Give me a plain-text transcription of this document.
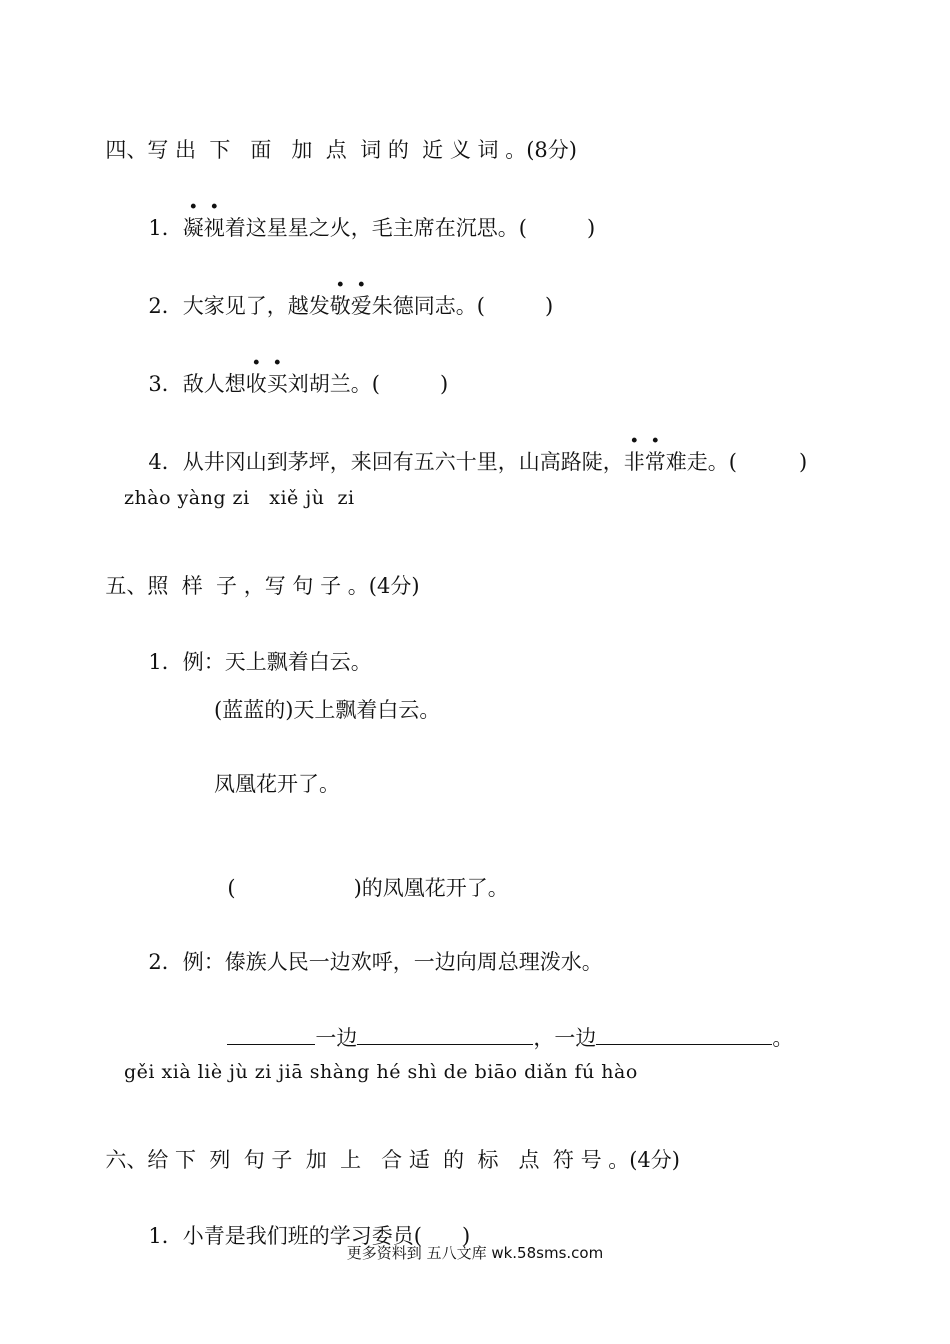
四、写 出  下   面   加  点  词 的  近 义 词 。(8分)

1．凝视着这星星之火，毛主席在沉思。(	)

2．大家见了，越发敬爱朱德同志。(	)

3．敌人想收买刘胡兰。(	)

4．从井冈山到茅坪，来回有五六十里，山高路陡，非常难走。(	)

zhào yàng zi   xiě jù  zi

五、照  样  子 ，写 句 子 。(4分)

1．例：天上飘着白云。

(蓝蓝的)天上飘着白云。
凤凰花开了。

(	)的凤凰花开了。

2．例：傣族人民一边欢呼，一边向周总理泼水。

一边	，一边	。

gěi xià liè jù zi jiā shàng hé shì de biāo diǎn fú hào

六、给 下  列  句 子  加  上   合 适  的  标   点  符 号 。(4分)

1．小青是我们班的学习委员( )

更多资料到 五八文库 wk.58sms.com
